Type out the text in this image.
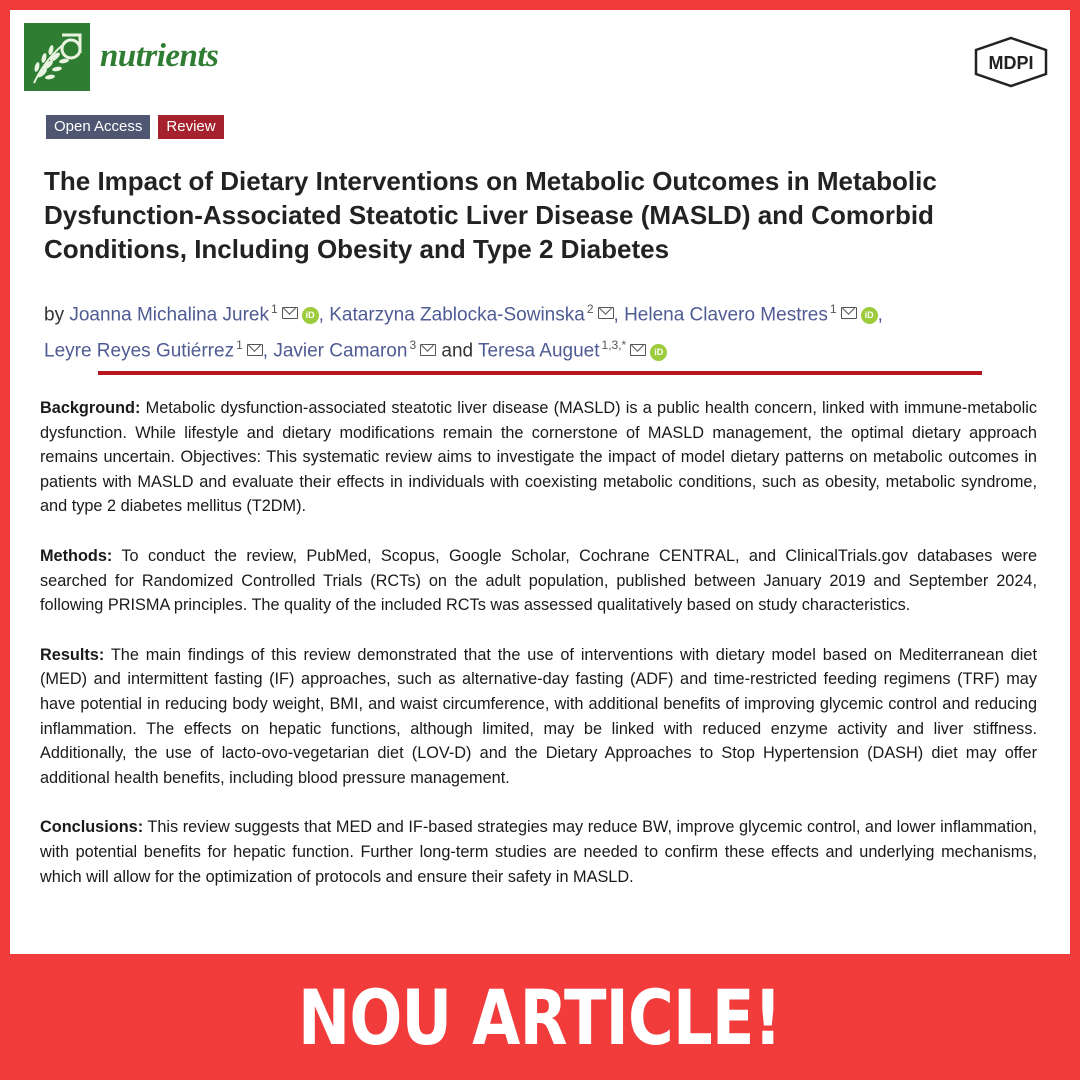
nutrients	MDPI
Open Access	Review
The Impact of Dietary Interventions on Metabolic Outcomes in Metabolic Dysfunction-Associated Steatotic Liver Disease (MASLD) and Comorbid Conditions, Including Obesity and Type 2 Diabetes
by Joanna Michalina Jurek $^1$	iD , Katarzyna Zablocka-Sowinska $^2$ , Helena Clavero Mestres $^1$	iD ,
Leyre Reyes Gutiérrez $^1$ , Javier Camaron $^3$ and Teresa Auguet $^{1,3,*}$	iD

Background: Metabolic dysfunction-associated steatotic liver disease (MASLD) is a public health concern, linked with immune-metabolic dysfunction. While lifestyle and dietary modifications remain the cornerstone of MASLD management, the optimal dietary approach remains uncertain. Objectives: This systematic review aims to investigate the impact of model dietary patterns on metabolic outcomes in patients with MASLD and evaluate their effects in individuals with coexisting metabolic conditions, such as obesity, metabolic syndrome, and type 2 diabetes mellitus (T2DM).

Methods: To conduct the review, PubMed, Scopus, Google Scholar, Cochrane CENTRAL, and ClinicalTrials.gov databases were searched for Randomized Controlled Trials (RCTs) on the adult population, published between January 2019 and September 2024, following PRISMA principles. The quality of the included RCTs was assessed qualitatively based on study characteristics.

Results: The main findings of this review demonstrated that the use of interventions with dietary model based on Mediterranean diet (MED) and intermittent fasting (IF) approaches, such as alternative-day fasting (ADF) and time-restricted feeding regimens (TRF) may have potential in reducing body weight, BMI, and waist circumference, with additional benefits of improving glycemic control and reducing inflammation. The effects on hepatic functions, although limited, may be linked with reduced enzyme activity and liver stiffness. Additionally, the use of lacto-ovo-vegetarian diet (LOV-D) and the Dietary Approaches to Stop Hypertension (DASH) diet may offer additional health benefits, including blood pressure management.

Conclusions: This review suggests that MED and IF-based strategies may reduce BW, improve glycemic control, and lower inflammation, with potential benefits for hepatic function. Further long-term studies are needed to confirm these effects and underlying mechanisms, which will allow for the optimization of protocols and ensure their safety in MASLD.

NOU ARTICLE!
